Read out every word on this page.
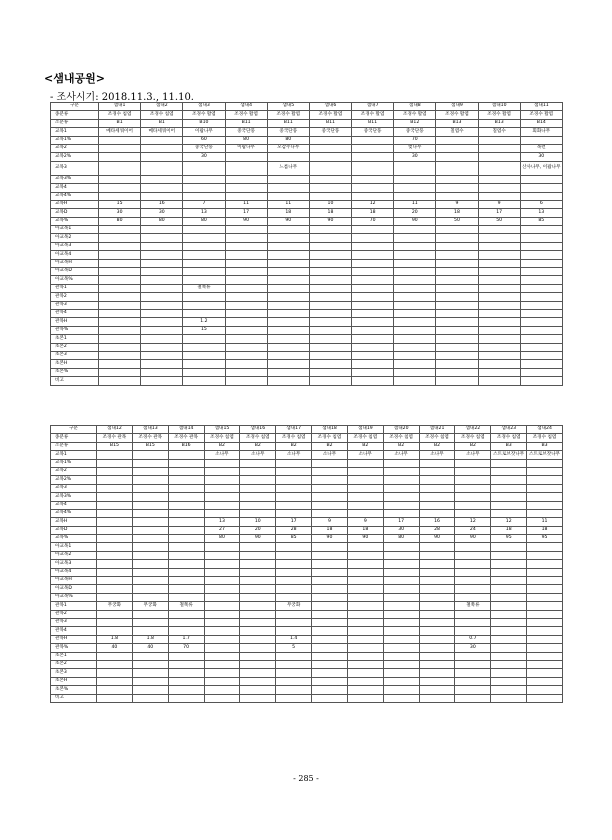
<샘내공원>
- 조사시기: 2018.11.3., 11.10.
구분	샘내1	샘내2	샘내3	샘내4	샘내5	샘내6	샘내7	샘내8	샘내9	샘내10	샘내11
종분류	조경수 침엽	조경수 침엽	조경수 활엽	조경수 활엽	조경수 활엽	조경수 활엽	조경수 활엽	조경수 활엽	조경수 활엽	조경수 활엽	조경수 활엽
소분류	B1	B1	B10	B11	B11	B11	B11	B12	B13	B13	B14
교목1	메타세쿼이어	메타세쿼이어	이팝나무	중국단풍	중국단풍	중국단풍	중국단풍	중국단풍	칠엽수	칠엽수	회화나무
교목1%			60	80	80			70			
교목2			중국단풍	이팝나무	모감주나무			벚나무			목련
교목2%			30					30			30
교목3					느릅나무						산사나무, 이팝나무
교목3%											
교목4											
교목4%											
교목H	15	16	7	11	11	10	12	11	9	9	6
교목D	30	30	13	17	18	18	18	20	18	17	13
교목%	80	80	80	90	90	90	70	90	50	50	85
아교목1											
아교목2											
아교목3											
아교목4											
아교목H											
아교목D											
아교목%											
관목1			철쭉류								
관목2											
관목3											
관목4											
관목H			1.2								
관목%			15								
초본1											
초본2											
초본3											
초본H											
초본%											
비고											
구분	샘내12	샘내13	샘내14	샘내15	샘내16	샘내17	샘내18	샘내19	샘내20	샘내21	샘내22	샘내23	샘내24
종분류	조경수 관목	조경수 관목	조경수 관목	조경수 침엽	조경수 침엽	조경수 침엽	조경수 침엽	조경수 침엽	조경수 침엽	조경수 침엽	조경수 침엽	조경수 침엽	조경수 침엽
소분류	B15	B15	B16	B2	B2	B2	B2	B2	B2	B2	B2	B3	B3
교목1				소나무	소나무	소나무	소나무	소나무	소나무	소나무	소나무	스트로브잣나무	스트로브잣나무
교목1%													
교목2													
교목2%													
교목3													
교목3%													
교목4													
교목4%													
교목H				13	10	17	9	9	17	16	12	12	11
교목D				27	20	28	18	18	30	28	24	18	18
교목%				80	90	85	90	90	80	90	90	95	95
아교목1													
아교목2													
아교목3													
아교목4													
아교목H													
아교목D													
아교목%													
관목1	무궁화	무궁화	철쭉류			무궁화					철쭉류		
관목2													
관목3													
관목4													
관목H	1.8	1.8	1.7			1.4					0.7		
관목%	40	40	70			5					30		
초본1													
초본2													
초본3													
초본H													
초본%													
비고													
- 285 -
